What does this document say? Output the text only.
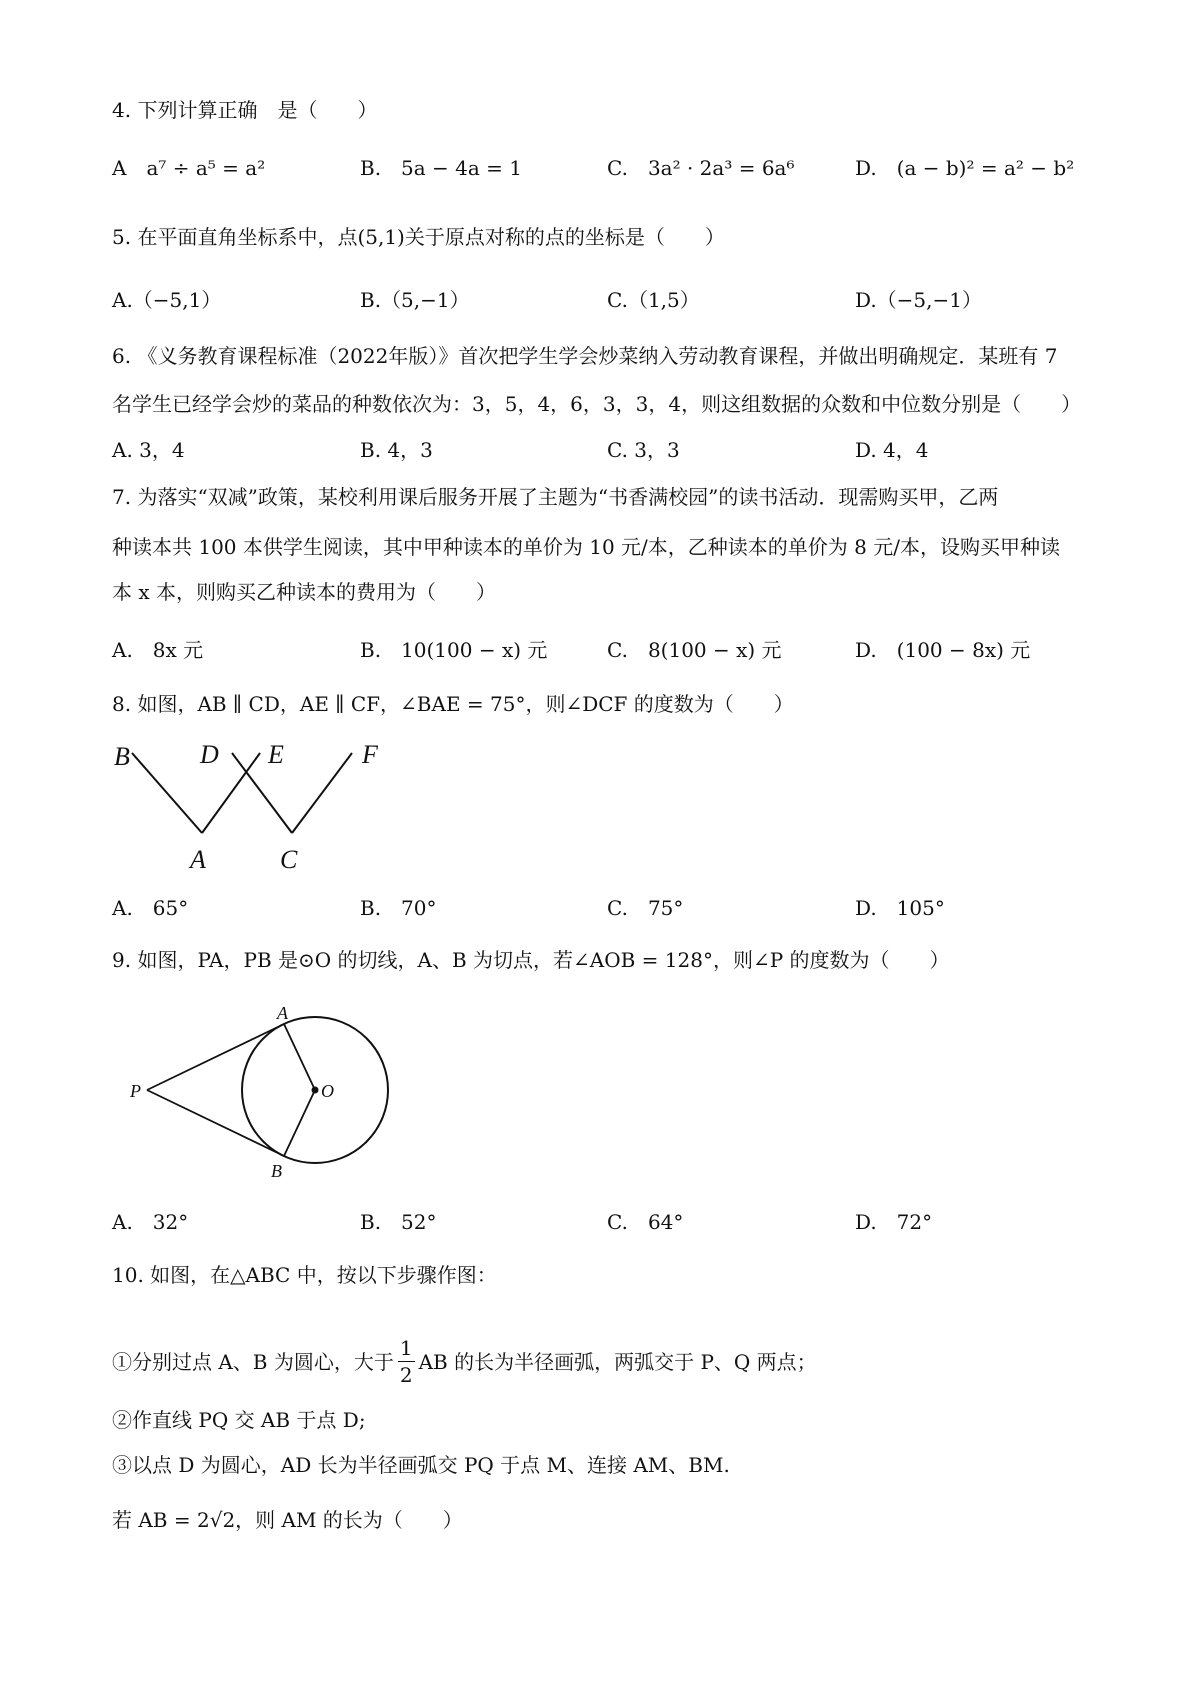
4. 下列计算正确　是（　　）
A　a⁷ ÷ a⁵ = a²	B.　5a − 4a = 1	C.　3a² · 2a³ = 6a⁶	D.　(a − b)² = a² − b²
5. 在平面直角坐标系中，点(5,1)关于原点对称的点的坐标是（　　）
A.（−5,1）	B.（5,−1）	C.（1,5）	D.（−5,−1）
6. 《义务教育课程标准（2022年版）》首次把学生学会炒菜纳入劳动教育课程，并做出明确规定．某班有 7
名学生已经学会炒的菜品的种数依次为：3，5，4，6，3，3，4，则这组数据的众数和中位数分别是（　　）
A. 3，4	B. 4，3	C. 3，3	D. 4，4
7. 为落实“双减”政策，某校利用课后服务开展了主题为“书香满校园”的读书活动．现需购买甲，乙两
种读本共 100 本供学生阅读，其中甲种读本的单价为 10 元/本，乙种读本的单价为 8 元/本，设购买甲种读
本 x 本，则购买乙种读本的费用为（　　）
A.　8x 元	B.　10(100 − x) 元	C.　8(100 − x) 元	D.　(100 − 8x) 元
8. 如图，AB ∥ CD，AE ∥ CF，∠BAE = 75°，则∠DCF 的度数为（　　）
B	D E	F
A	C
A.　65°	B.　70°	C.　75°	D.　105°
9. 如图，PA，PB 是⊙O 的切线，A、B 为切点，若∠AOB = 128°，则∠P 的度数为（　　）
A
P	O
B
A.　32°	B.　52°	C.　64°	D.　72°
10. 如图，在△ABC 中，按以下步骤作图：
①分别过点 A、B 为圆心，大于 $\frac{1}{2}$ AB 的长为半径画弧，两弧交于 P、Q 两点；
②作直线 PQ 交 AB 于点 D;
③以点 D 为圆心，AD 长为半径画弧交 PQ 于点 M、连接 AM、BM.
若 AB = 2√2，则 AM 的长为（　　）
